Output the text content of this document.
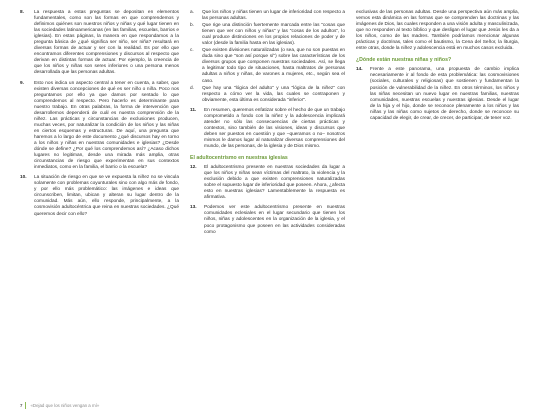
8.	La respuesta a estas preguntas se depositan en elementos fundamentales, como son las formas en que comprendemos y definimos quiénes son nuestros niños y niñas y qué lugar tienen en las sociedades latinoamericanas (en las familias, escuelas, barrios e iglesias). En estas páginas, la manera en que respondamos a la pregunta básica de ¿qué significa ser niño, ser niña? resultará en diversas formas de actuar y ser con la realidad. Es por ello que encontramos diferentes comprensiones y discursos al respecto que derivan en distintas formas de actuar. Por ejemplo, la creencia de que los niños y niñas son seres inferiores o una persona menos desarrollada que las personas adultas.
9.	Esto nos indica un aspecto central a tener en cuenta, a saber, que existen diversas concepciones de qué es ser niño o niña. Poco nos preguntamos por ello ya que damos por sentado lo que comprendemos al respecto. Pero hacerlo es determinante para nuestro trabajo. En otras palabras, la forma de intervención que desarrollemos dependerá de cuál es nuestra comprensión de la niñez. Las prácticas y circunstancias de exclusiones producen, muchas veces, por naturalizar la condición de los niños y las niñas en ciertos esquemas y estructuras. De aquí, una pregunta que haremos a lo largo de este documento ¿qué discursos hay en torno a los niños y niñas en nuestras comunidades e iglesias? ¿Desde dónde se define? ¿Por qué los comprendemos así? ¿Acaso dichos lugares no legitiman, desde una mirada más amplia, otras circunstancias de riesgo que experimentan en sus contextos inmediatos, como en la familia, el barrio o la escuela?
10.	La situación de riesgo en que se ve expuesta la niñez no se vincula solamente con problemas coyunturales sino con algo más de fondo, y por ello más problemático: las imágenes e ideas que circunscriben, limitan, ubican y alteran su lugar dentro de la comunidad. Más aún, ello responde, principalmente, a la cosmovisión adultocéntrica que reina en nuestras sociedades. ¿Qué queremos decir con ello?
a.	Que los niños y niñas tienen un lugar de inferioridad con respecto a las personas adultas.
b.	Que rige una distinción fuertemente marcada entre las "cosas que tienen que ver con niños y niñas" y las "cosas de los adultos", lo cual produce distinciones en los propios relaciones de poder y de valor (desde la familia hasta en las iglesias).
c.	Que existen divisiones naturalizadas (o sea, que no son puestas en duda sino que "son así porque sí") sobre las características de los diversos grupos que componen nuestras sociedades. Así, se llega a legitimar todo tipo de situaciones, hasta maltratos de personas adultas a niños y niñas, de varones a mujeres, etc., según sea el caso.
d.	Que hay una "lógica del adulto" y una "lógica de la niñez" con respecto a cómo ver la vida, las cuales se contraponen y obviamente, esta última es considerada "inferior".
11.	En resumen, queremos enfatizar sobre el hecho de que un trabajo comprometido a fondo con la niñez y la adolescencia implicará atender no sólo las consecuencias de ciertas prácticas y contextos, sino también de las visiones, ideas y discursos que deben ser puestos en cuestión y que –queramos o no– nosotros mismos le damos lugar al naturalizar diversas comprensiones del mundo, de las personas, de la iglesia y de Dios mismo.
El adultocentrismo en nuestras iglesias
12.	El adultocentrismo presente en nuestras sociedades da lugar a que los niños y niñas sean víctimas del maltrato, la violencia y la exclusión debido a que existen comprensiones naturalizadas sobre el supuesto lugar de inferioridad que poseen. Ahora, ¿afecta esto en nuestras iglesias? Lamentablemente la respuesta es afirmativa.
13.	Podemos ver este adultocentrismo presente en nuestras comunidades eclesiales en el lugar secundario que tienen los niños, niñas y adolescentes en la organización de la iglesia, y el poco protagonismo que poseen en las actividades consideradas como
exclusivas de las personas adultas. Desde una perspectiva aún más amplia, vemos esta dinámica en las formas que se comprenden las doctrinas y las imágenes de Dios, las cuales responden a una visión adulta y masculinizada, que no responden al texto bíblico y que desligan el lugar que Jesús les da a los niños, como de las madres. También podríamos mencionar algunas prácticas y doctrinas, tales como el bautismo, la Cena del Señor, la liturgia, entre otras, donde la niñez y adolescencia está en muchos casos excluida.
¿Dónde están nuestras niñas y niños?
14.	Frente a este panorama, una propuesta de cambio implica necesariamente ir al fondo de esta problemática: las cosmovisiones (sociales, culturales y religiosas) que sostienen y fundamentan la posición de vulnerabilidad de la niñez. En otros términos, los niños y las niñas necesitan un nuevo lugar en nuestras familias, nuestras comunidades, nuestras escuelas y nuestras iglesias. Desde el lugar de la hija y el hijo, donde se reconoce plenamente a los niños y las niñas y las niñas como sujetos de derecho, donde se reconoce su capacidad de elegir, de crear, de crecer, de participar, de tener voz.
7 «Dejad que los niños vengan a mí»
